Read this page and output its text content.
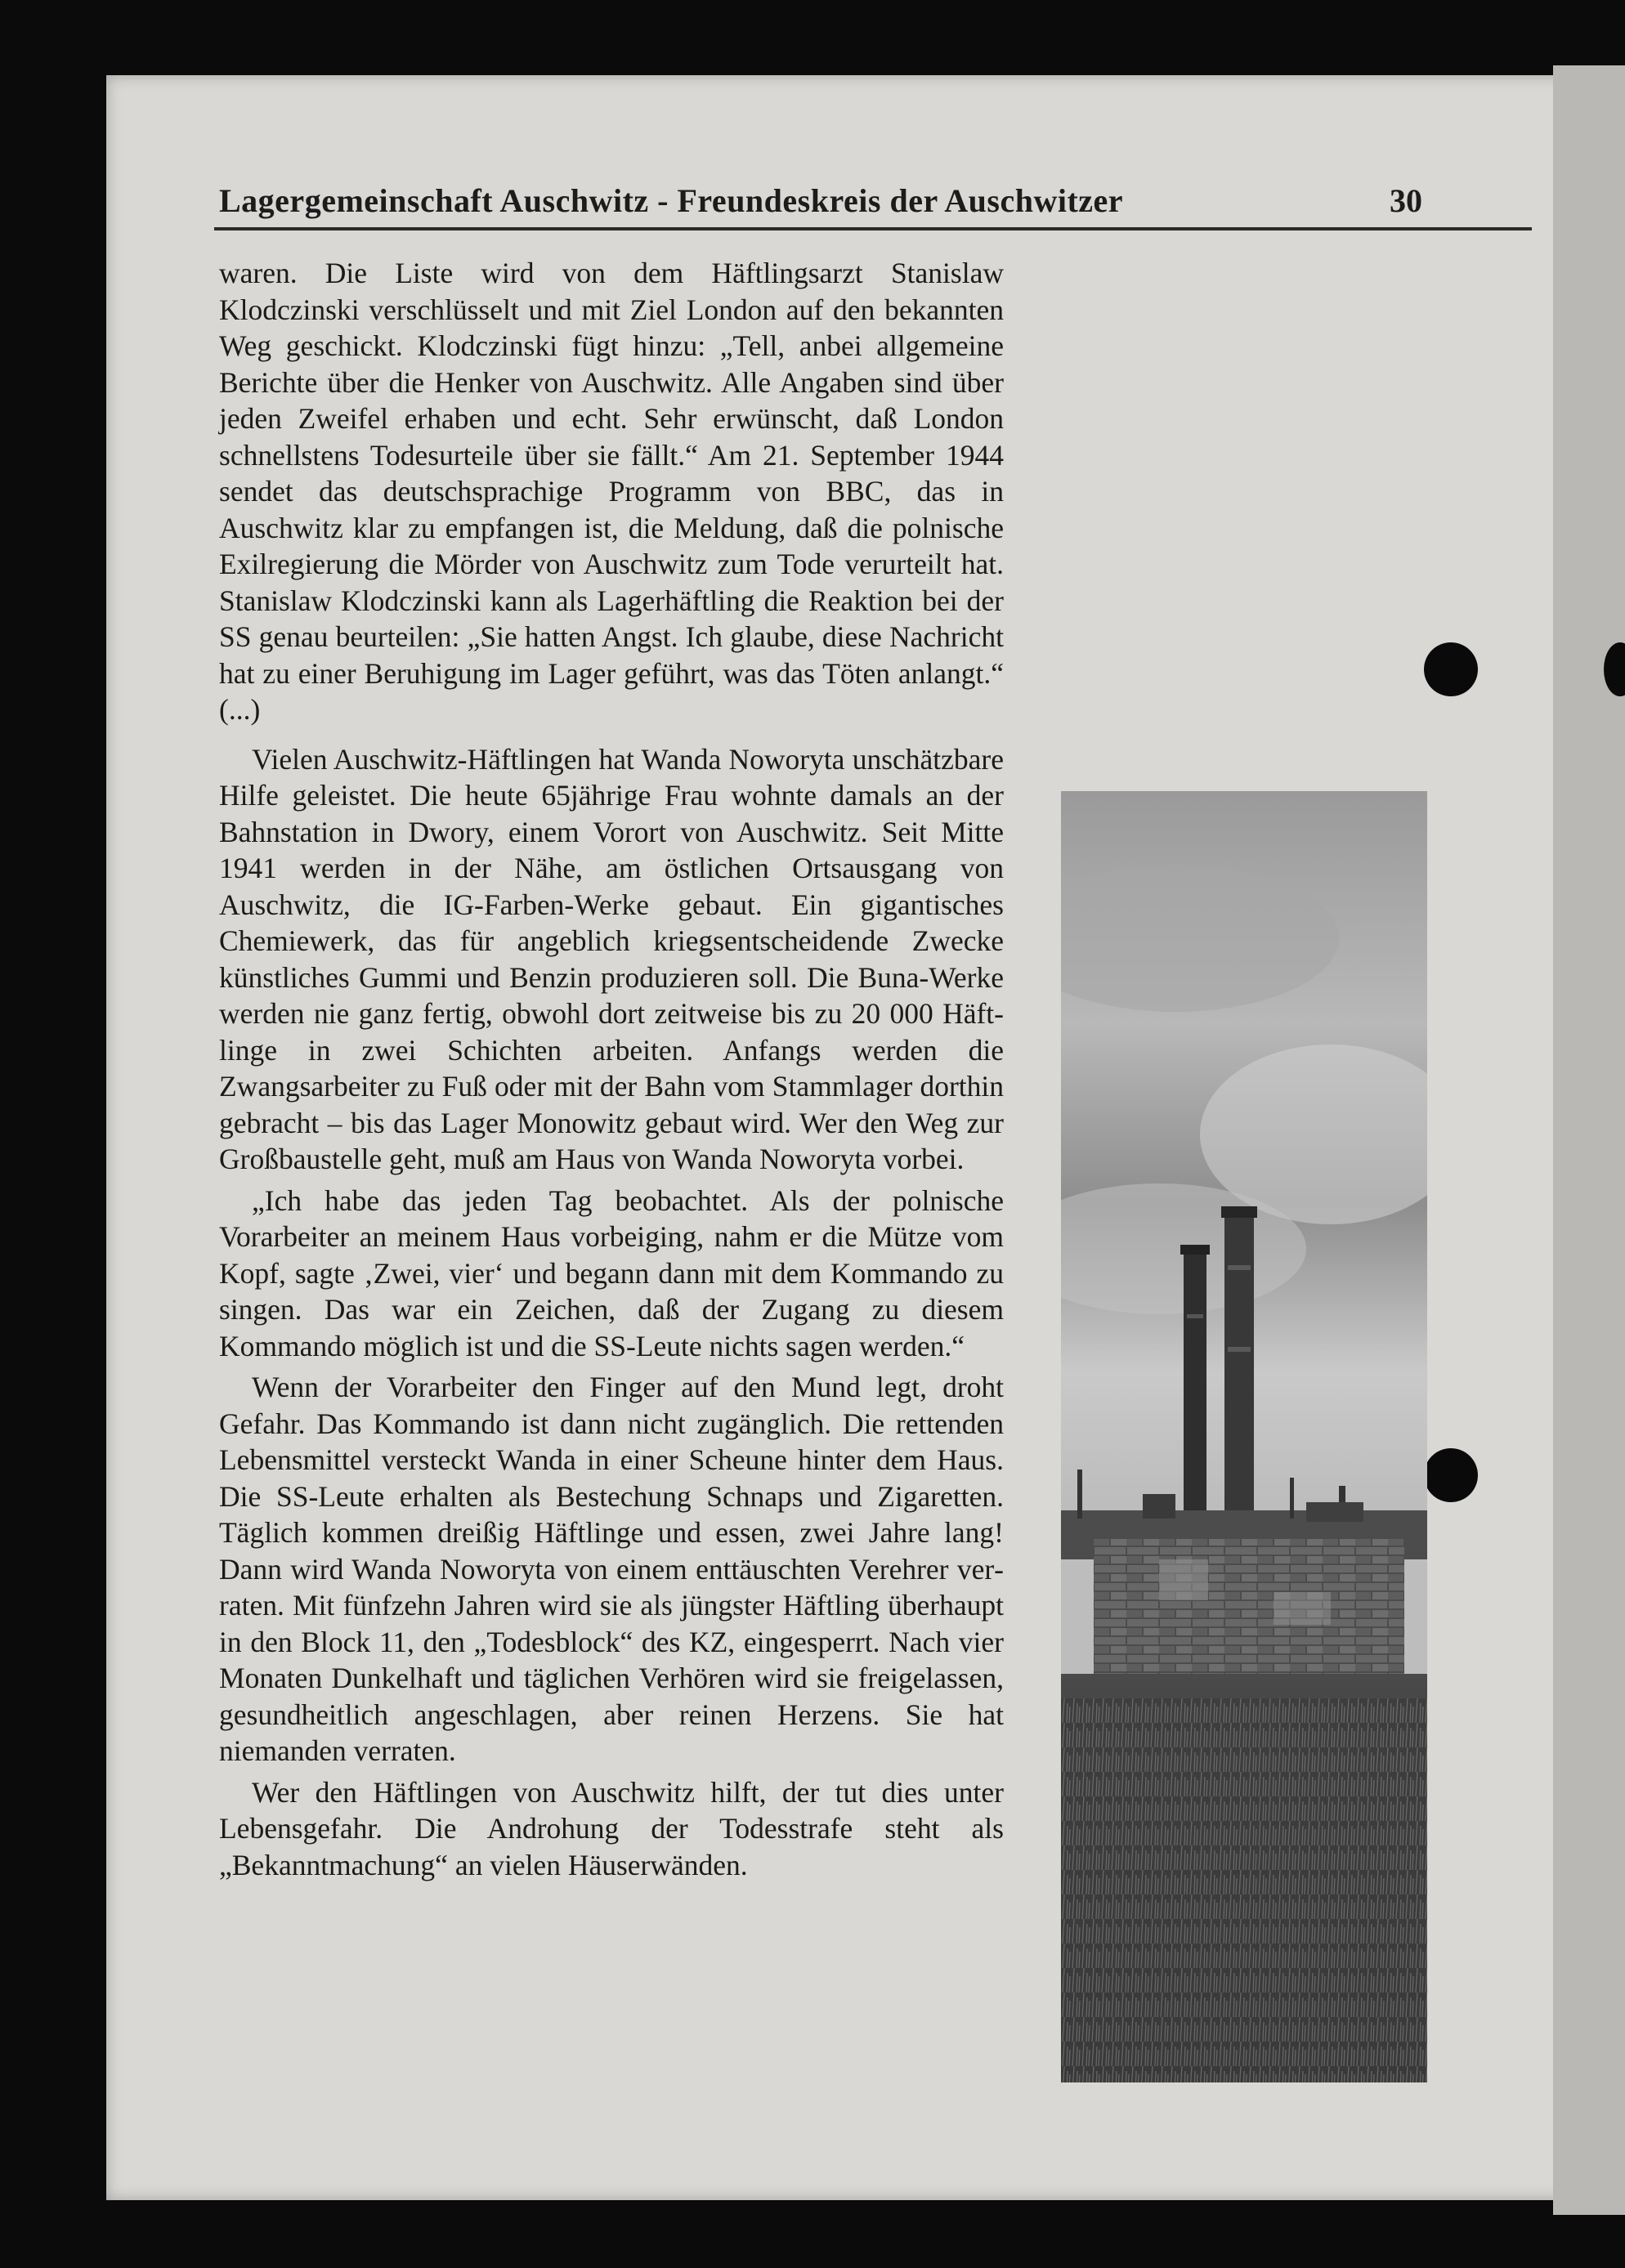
Lagergemeinschaft Auschwitz - Freundeskreis der Auschwitzer	30

waren. Die Liste wird von dem Häftlingsarzt Stanislaw Klodczinski verschlüsselt und mit Ziel London auf den bekannten Weg geschickt. Klodczinski fügt hinzu: „Tell, anbei allgemeine Berichte über die Henker von Auschwitz. Alle Angaben sind über jeden Zweifel erhaben und echt. Sehr erwünscht, daß London schnellstens Todesurteile über sie fällt.“ Am 21. September 1944 sendet das deutschsprachige Programm von BBC, das in Auschwitz klar zu empfangen ist, die Meldung, daß die polnische Exilregierung die Mörder von Auschwitz zum Tode verurteilt hat. Stanislaw Klodczinski kann als Lagerhäftling die Reaktion bei der SS genau beurteilen: „Sie hatten Angst. Ich glaube, diese Nachricht hat zu einer Beruhigung im Lager geführt, was das Töten anlangt.“ (...)

Vielen Auschwitz-Häftlingen hat Wanda Noworyta unschätzbare Hilfe geleistet. Die heute 65jährige Frau wohnte damals an der Bahnstation in Dwory, einem Vorort von Auschwitz. Seit Mitte 1941 werden in der Nähe, am östlichen Ortsausgang von Auschwitz, die IG-Farben-Werke gebaut. Ein gigantisches Chemiewerk, das für angeblich kriegsentscheidende Zwecke künstliches Gummi und Benzin produzieren soll. Die Buna-Werke werden nie ganz fertig, obwohl dort zeitweise bis zu 20 000 Häftlinge in zwei Schichten arbeiten. Anfangs werden die Zwangsarbeiter zu Fuß oder mit der Bahn vom Stammlager dorthin gebracht – bis das Lager Monowitz gebaut wird. Wer den Weg zur Großbaustelle geht, muß am Haus von Wanda Noworyta vorbei.

„Ich habe das jeden Tag beobachtet. Als der polnische Vorarbeiter an meinem Haus vorbeiging, nahm er die Mütze vom Kopf, sagte ‚Zwei, vier‘ und begann dann mit dem Kommando zu singen. Das war ein Zeichen, daß der Zugang zu diesem Kommando möglich ist und die SS-Leute nichts sagen werden.“

Wenn der Vorarbeiter den Finger auf den Mund legt, droht Gefahr. Das Kommando ist dann nicht zugänglich. Die rettenden Lebensmittel versteckt Wanda in einer Scheune hinter dem Haus. Die SS-Leute erhalten als Bestechung Schnaps und Zigaretten. Täglich kommen dreißig Häftlinge und essen, zwei Jahre lang! Dann wird Wanda Noworyta von einem enttäuschten Verehrer verraten. Mit fünfzehn Jahren wird sie als jüngster Häftling überhaupt in den Block 11, den „Todesblock“ des KZ, eingesperrt. Nach vier Monaten Dunkelhaft und täglichen Verhören wird sie freigelassen, gesundheitlich angeschlagen, aber reinen Herzens. Sie hat niemanden verraten.

Wer den Häftlingen von Auschwitz hilft, der tut dies unter Lebensgefahr. Die Androhung der Todesstrafe steht als „Bekanntmachung“ an vielen Häuserwänden.
